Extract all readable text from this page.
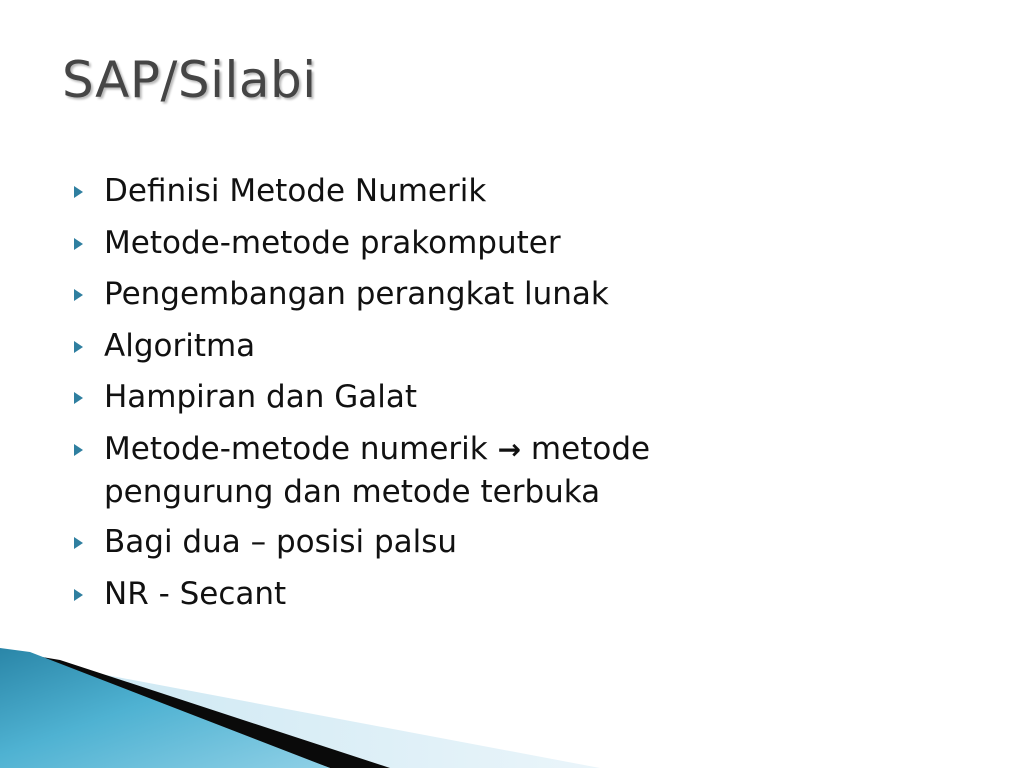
SAP/Silabi
Definisi Metode Numerik
Metode-metode prakomputer
Pengembangan perangkat lunak
Algoritma
Hampiran dan Galat
Metode-metode numerik → metode
pengurung dan metode terbuka
Bagi dua – posisi palsu
NR - Secant
